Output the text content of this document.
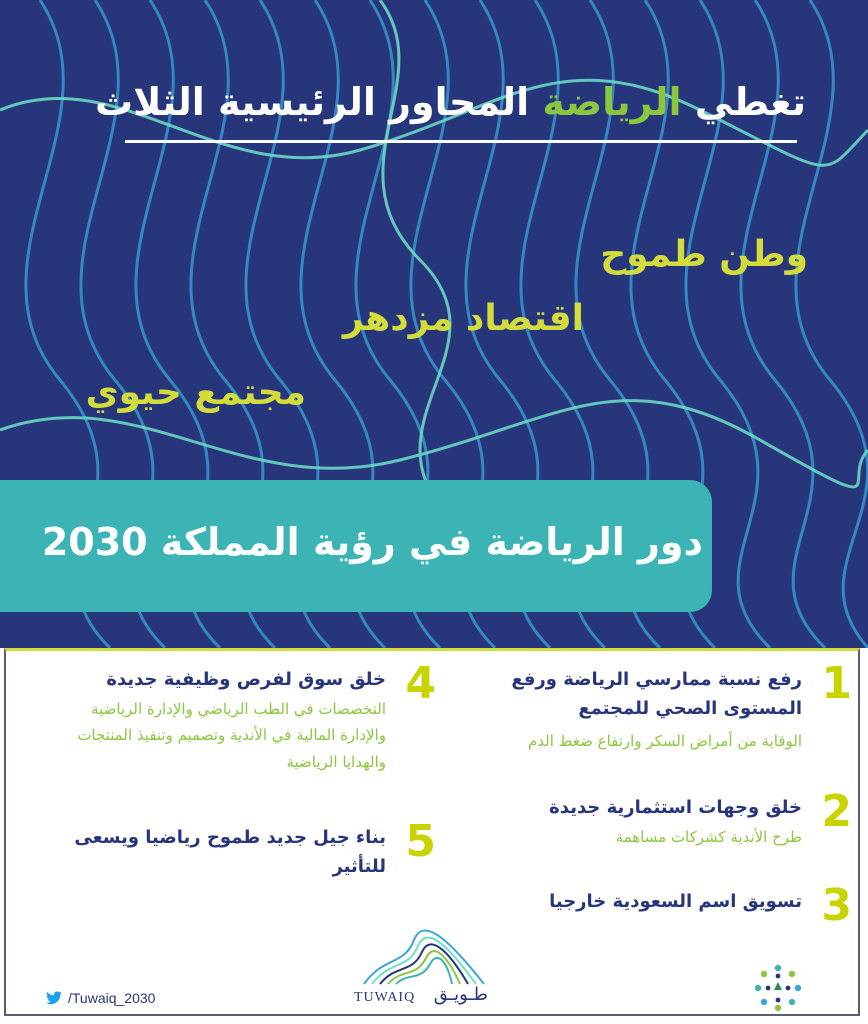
تغطي الرياضة المحاور الرئيسية الثلاث
وطن طموح
اقتصاد مزدهر
مجتمع حيوي
دور الرياضة في رؤية المملكة 2030
1
رفع نسبة ممارسي الرياضة ورفع المستوى الصحي للمجتمع
الوقاية من أمراض السكر وارتفاع ضغط الدم
2
خلق وجهات استثمارية جديدة
طرح الأندية كشركات مساهمة
3
تسويق اسم السعودية خارجيا
4
خلق سوق لفرص وظيفية جديدة
التخصصات في الطب الرياضي والإدارة الرياضية والإدارة المالية في الأندية وتصميم وتنفيذ المنتجات والهدايا الرياضية
5
بناء جيل جديد طموح رياضيا ويسعى للتأثير
/Tuwaiq_2030	TUWAIQ طـويـق
